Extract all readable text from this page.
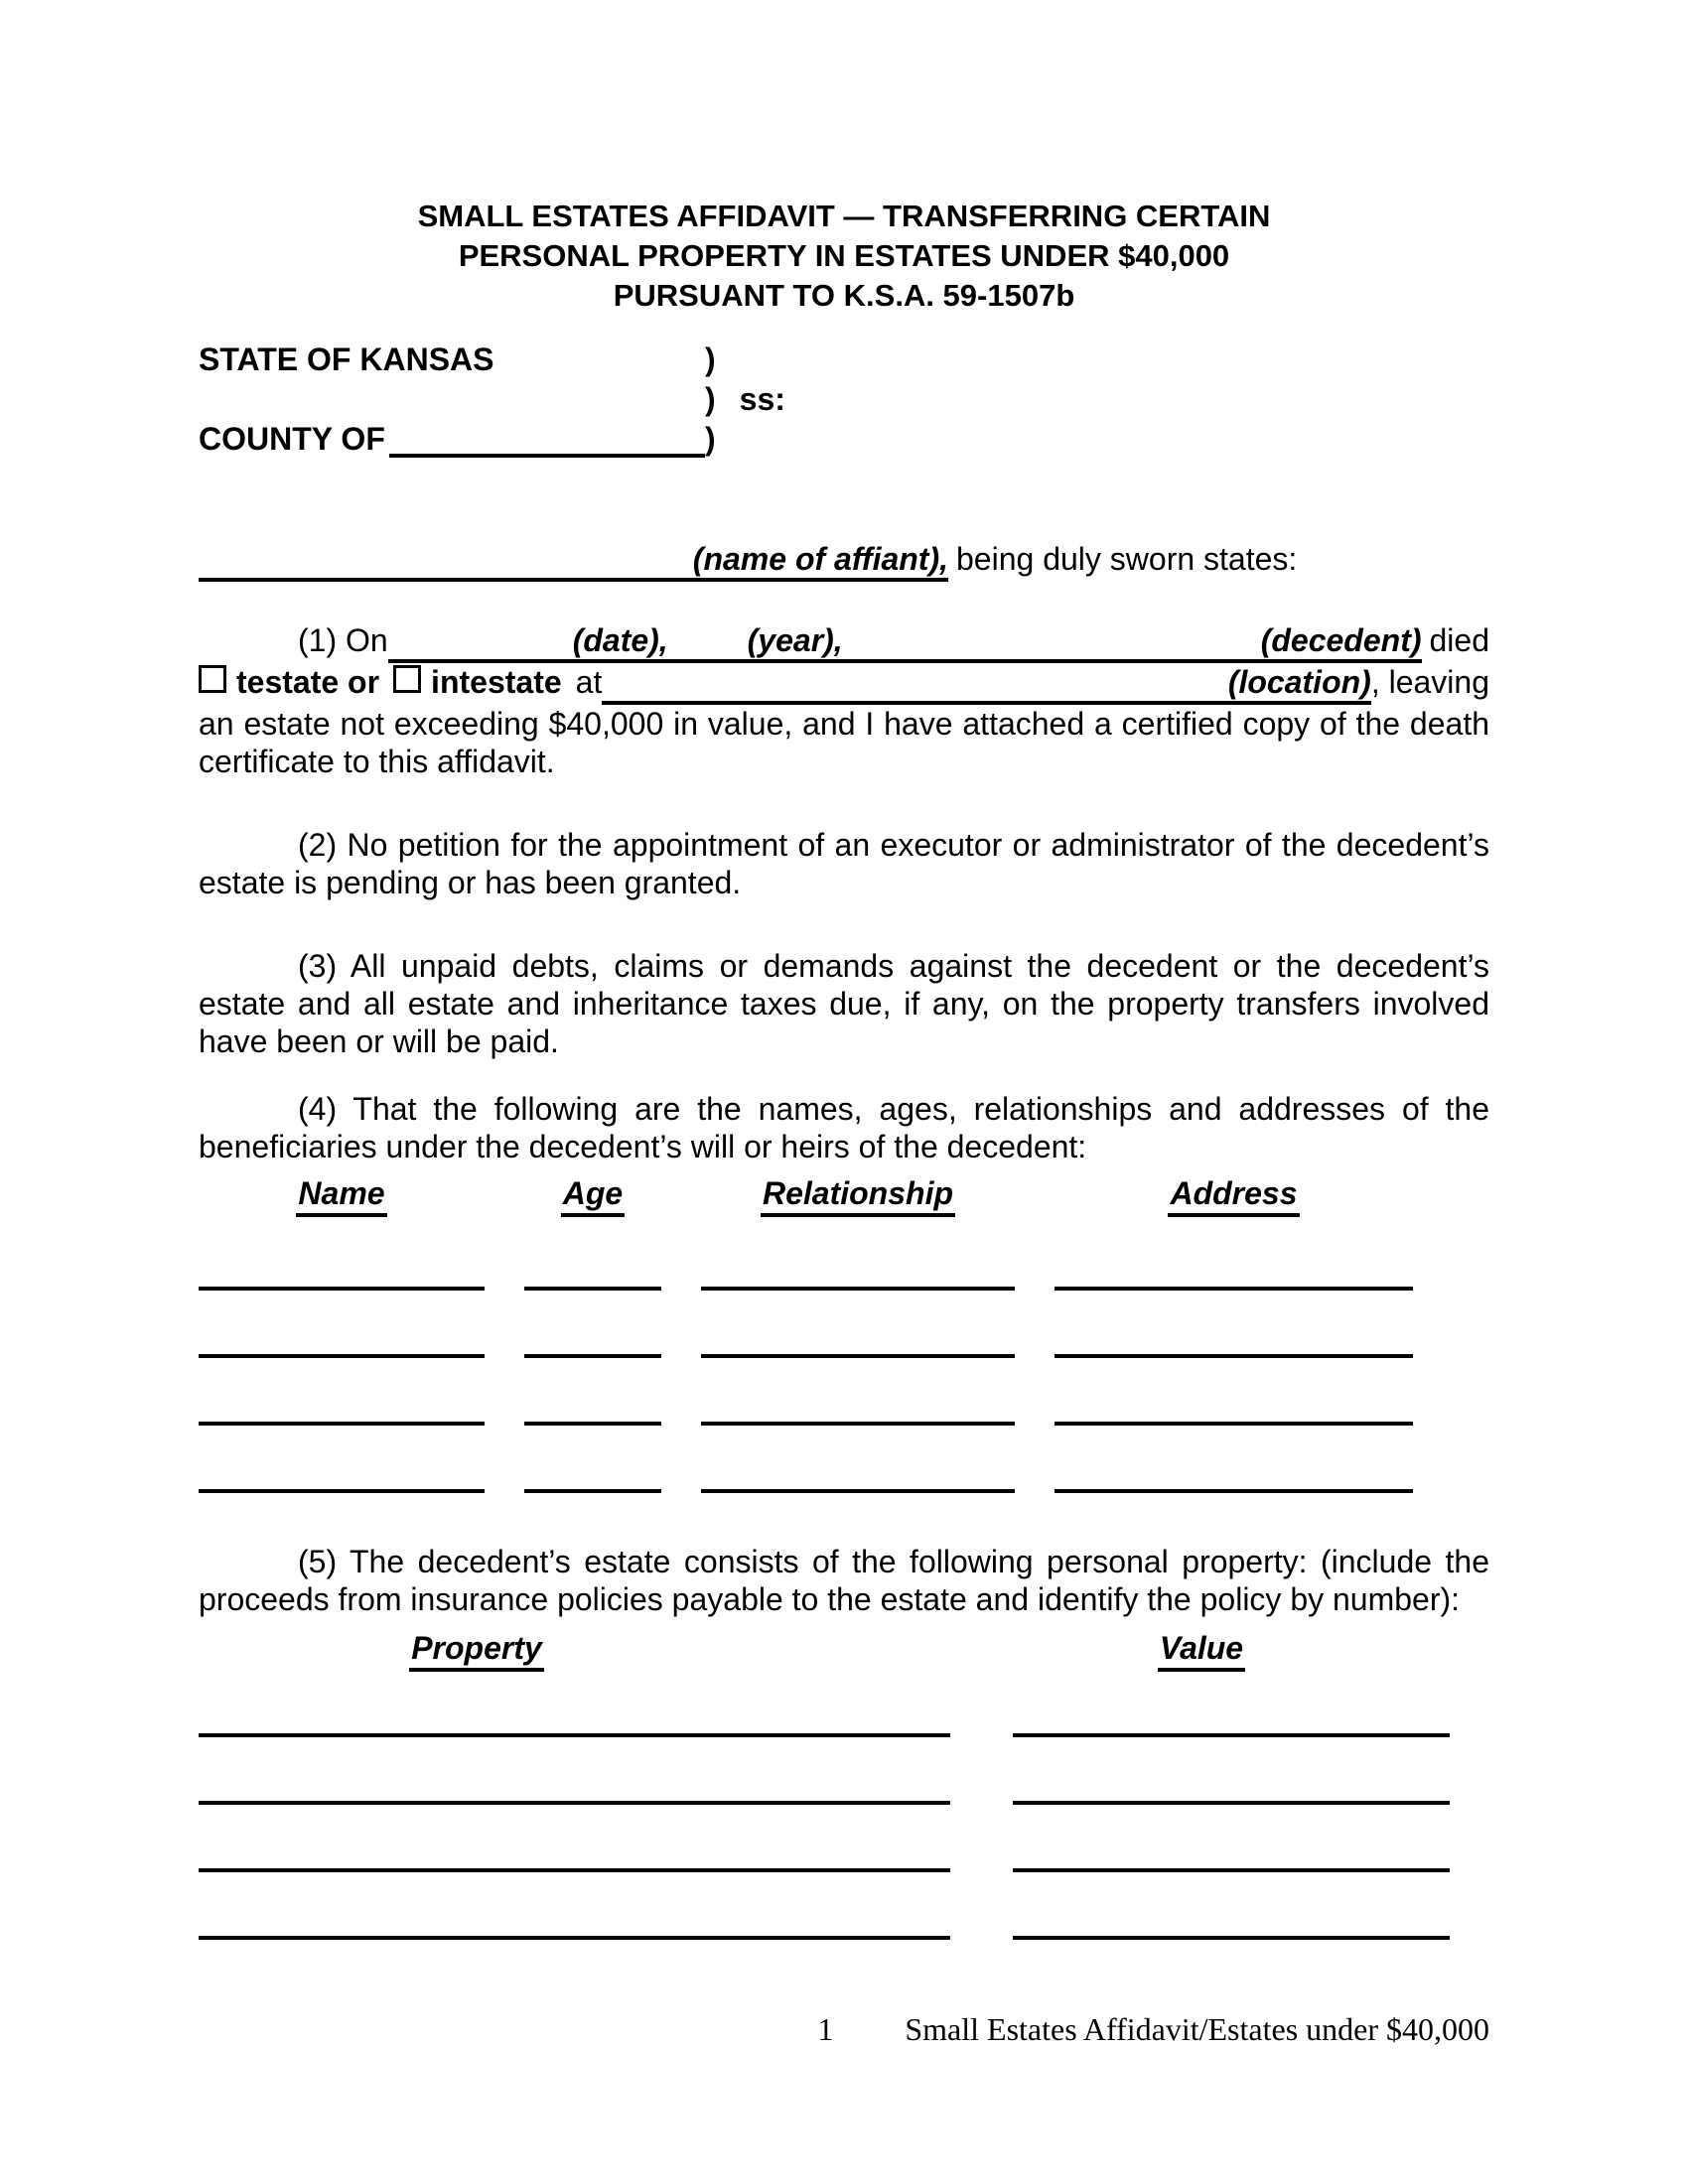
SMALL ESTATES AFFIDAVIT — TRANSFERRING CERTAIN
PERSONAL PROPERTY IN ESTATES UNDER $40,000
PURSUANT TO K.S.A. 59-1507b
STATE OF KANSAS	)
) ss:
COUNTY OF	)
(name of affiant), being duly sworn states:
(1) On	(date), (year),	(decedent) died
testate or intestate at	(location) , leaving
an estate not exceeding $40,000 in value, and I have attached a certified copy of the death certificate to this affidavit.
(2) No petition for the appointment of an executor or administrator of the decedent’s estate is pending or has been granted.
(3) All unpaid debts, claims or demands against the decedent or the decedent’s estate and all estate and inheritance taxes due, if any, on the property transfers involved have been or will be paid.
(4) That the following are the names, ages, relationships and addresses of the beneficiaries under the decedent’s will or heirs of the decedent:
Name	Age	Relationship	Address
(5) The decedent’s estate consists of the following personal property: (include the proceeds from insurance policies payable to the estate and identify the policy by number):
Property	Value
1 Small Estates Affidavit/Estates under $40,000
